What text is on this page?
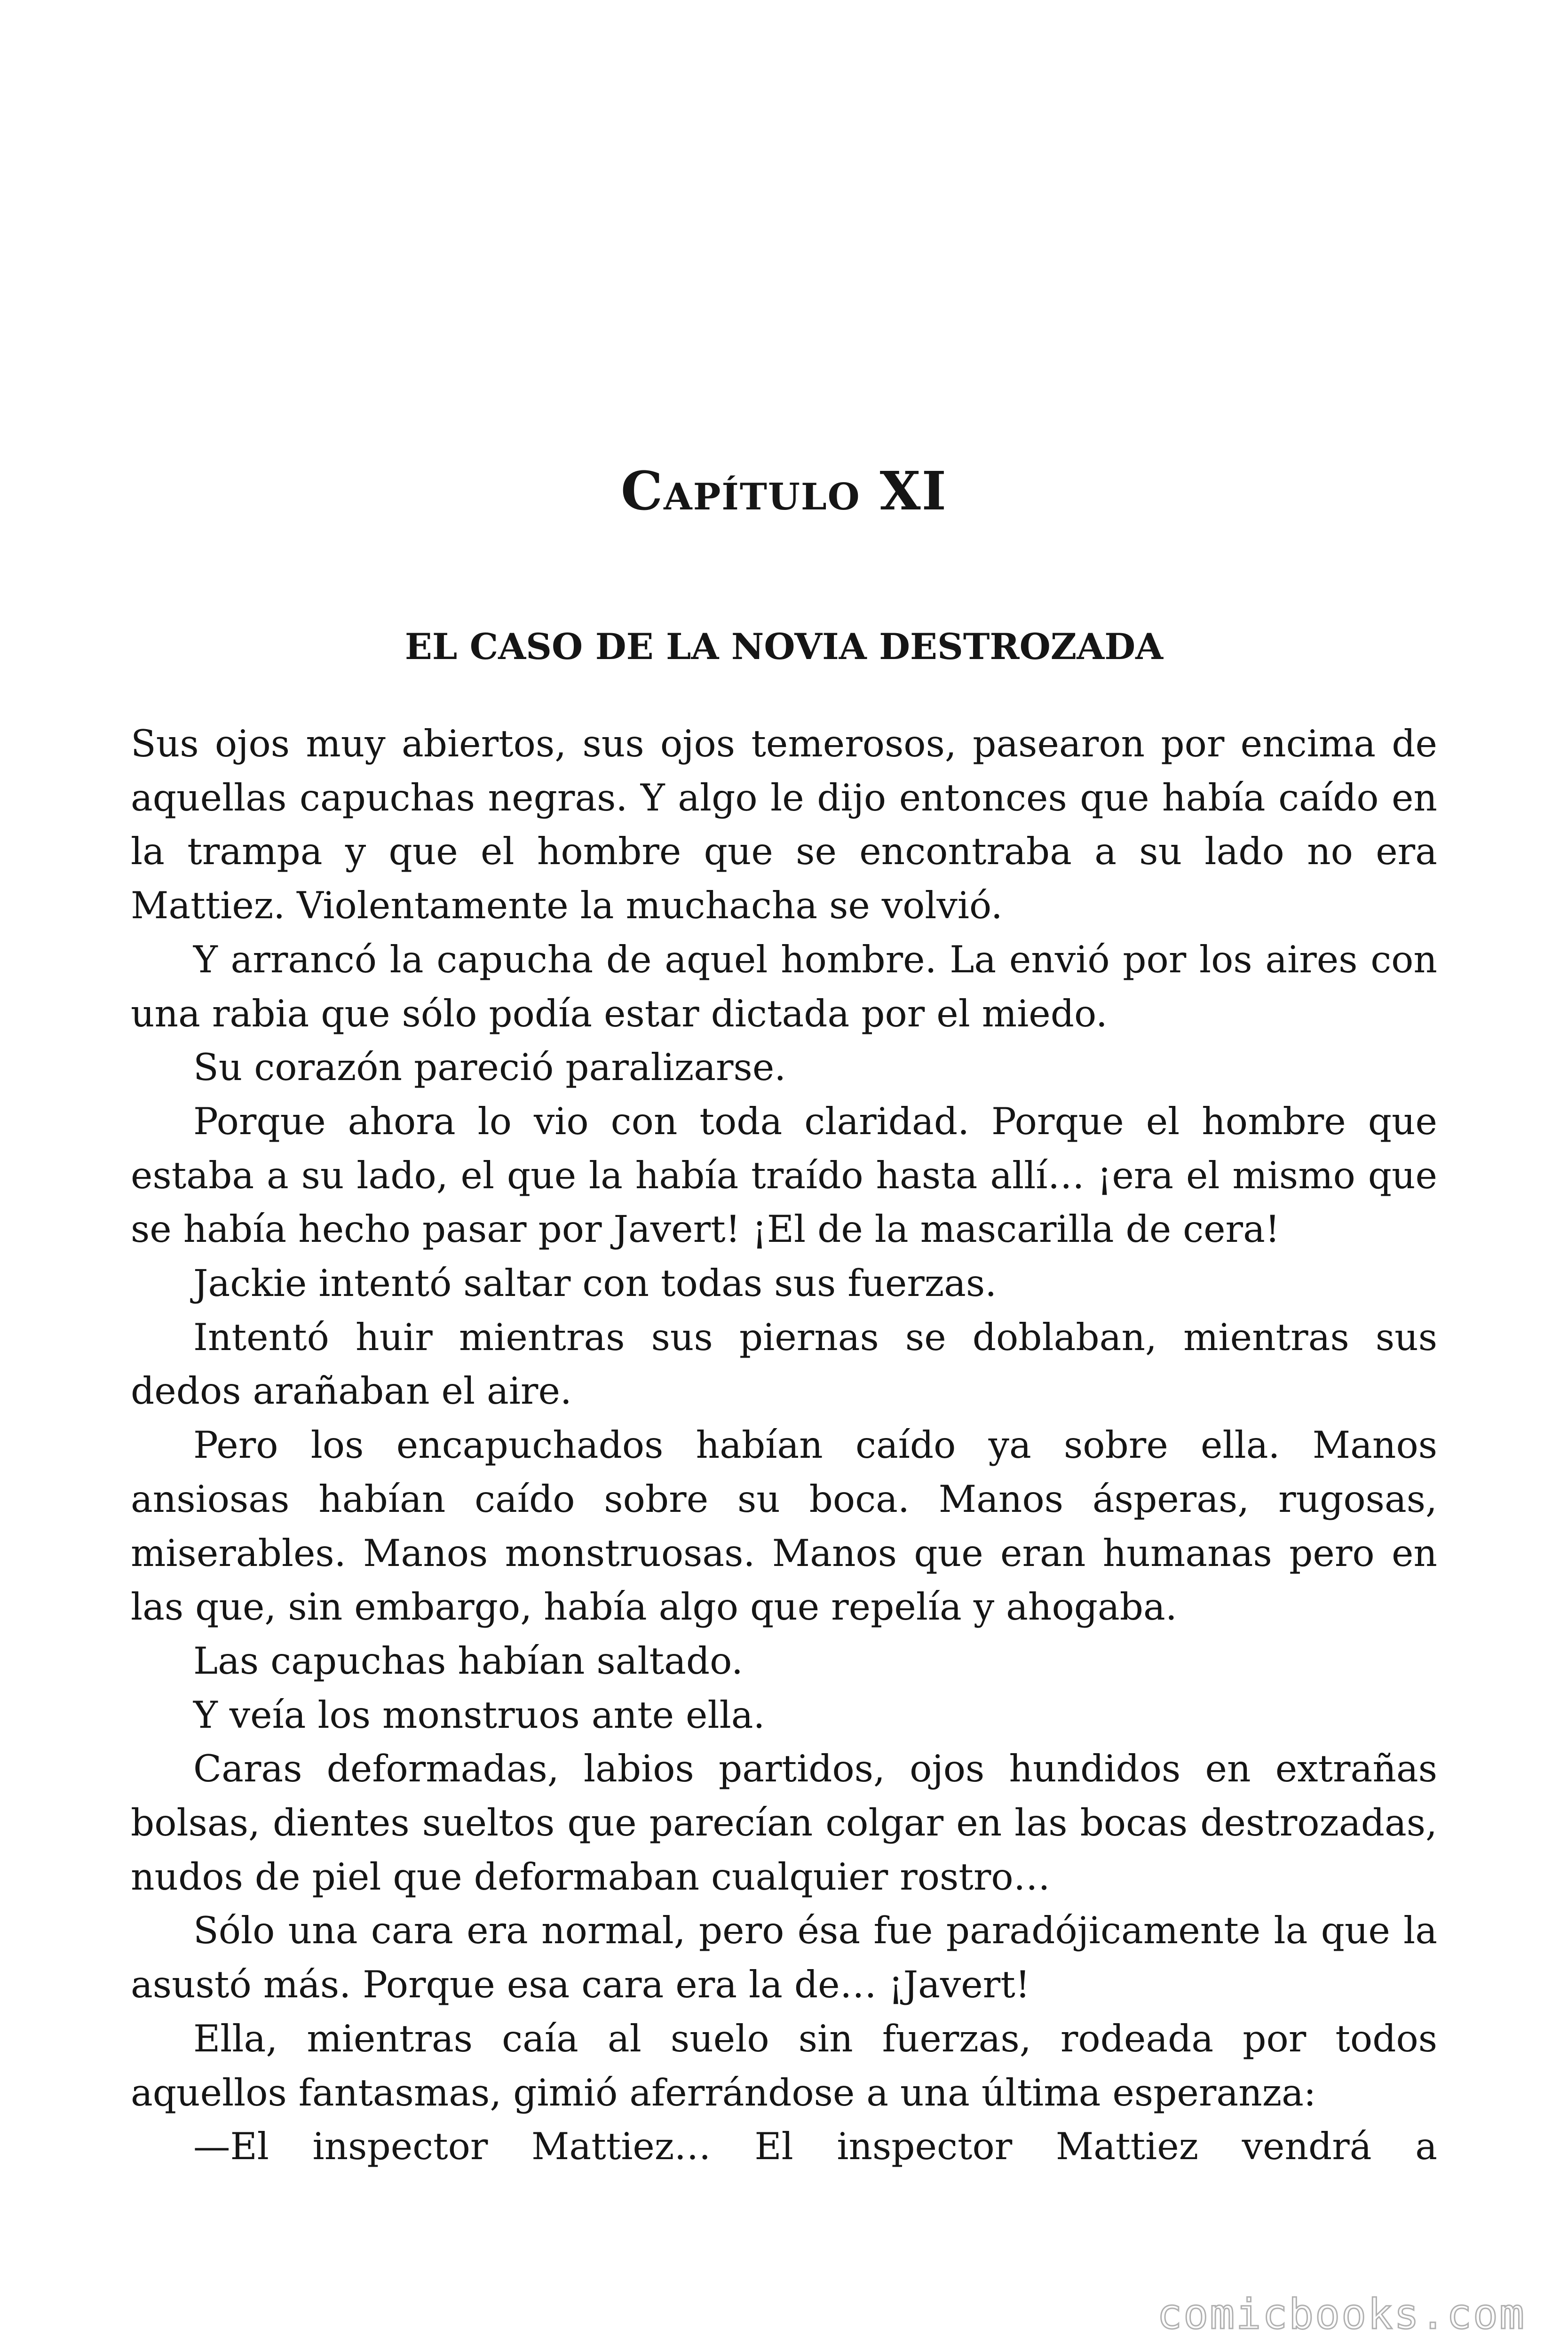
Capítulo XI
EL CASO DE LA NOVIA DESTROZADA

Sus ojos muy abiertos, sus ojos temerosos, pasearon por encima de aquellas capuchas negras. Y algo le dijo entonces que había caído en la trampa y que el hombre que se encontraba a su lado no era Mattiez. Violentamente la muchacha se volvió.

Y arrancó la capucha de aquel hombre. La envió por los aires con una rabia que sólo podía estar dictada por el miedo.

Su corazón pareció paralizarse.

Porque ahora lo vio con toda claridad. Porque el hombre que estaba a su lado, el que la había traído hasta allí… ¡era el mismo que se había hecho pasar por Javert! ¡El de la mascarilla de cera!

Jackie intentó saltar con todas sus fuerzas.

Intentó huir mientras sus piernas se doblaban, mientras sus dedos arañaban el aire.

Pero los encapuchados habían caído ya sobre ella. Manos ansiosas habían caído sobre su boca. Manos ásperas, rugosas, miserables. Manos monstruosas. Manos que eran humanas pero en las que, sin embargo, había algo que repelía y ahogaba.

Las capuchas habían saltado.

Y veía los monstruos ante ella.

Caras deformadas, labios partidos, ojos hundidos en extrañas bolsas, dientes sueltos que parecían colgar en las bocas destrozadas, nudos de piel que deformaban cualquier rostro…

Sólo una cara era normal, pero ésa fue paradójicamente la que la asustó más. Porque esa cara era la de… ¡Javert!

Ella, mientras caía al suelo sin fuerzas, rodeada por todos aquellos fantasmas, gimió aferrándose a una última esperanza:

—El inspector Mattiez… El inspector Mattiez vendrá a

comicbooks.com
